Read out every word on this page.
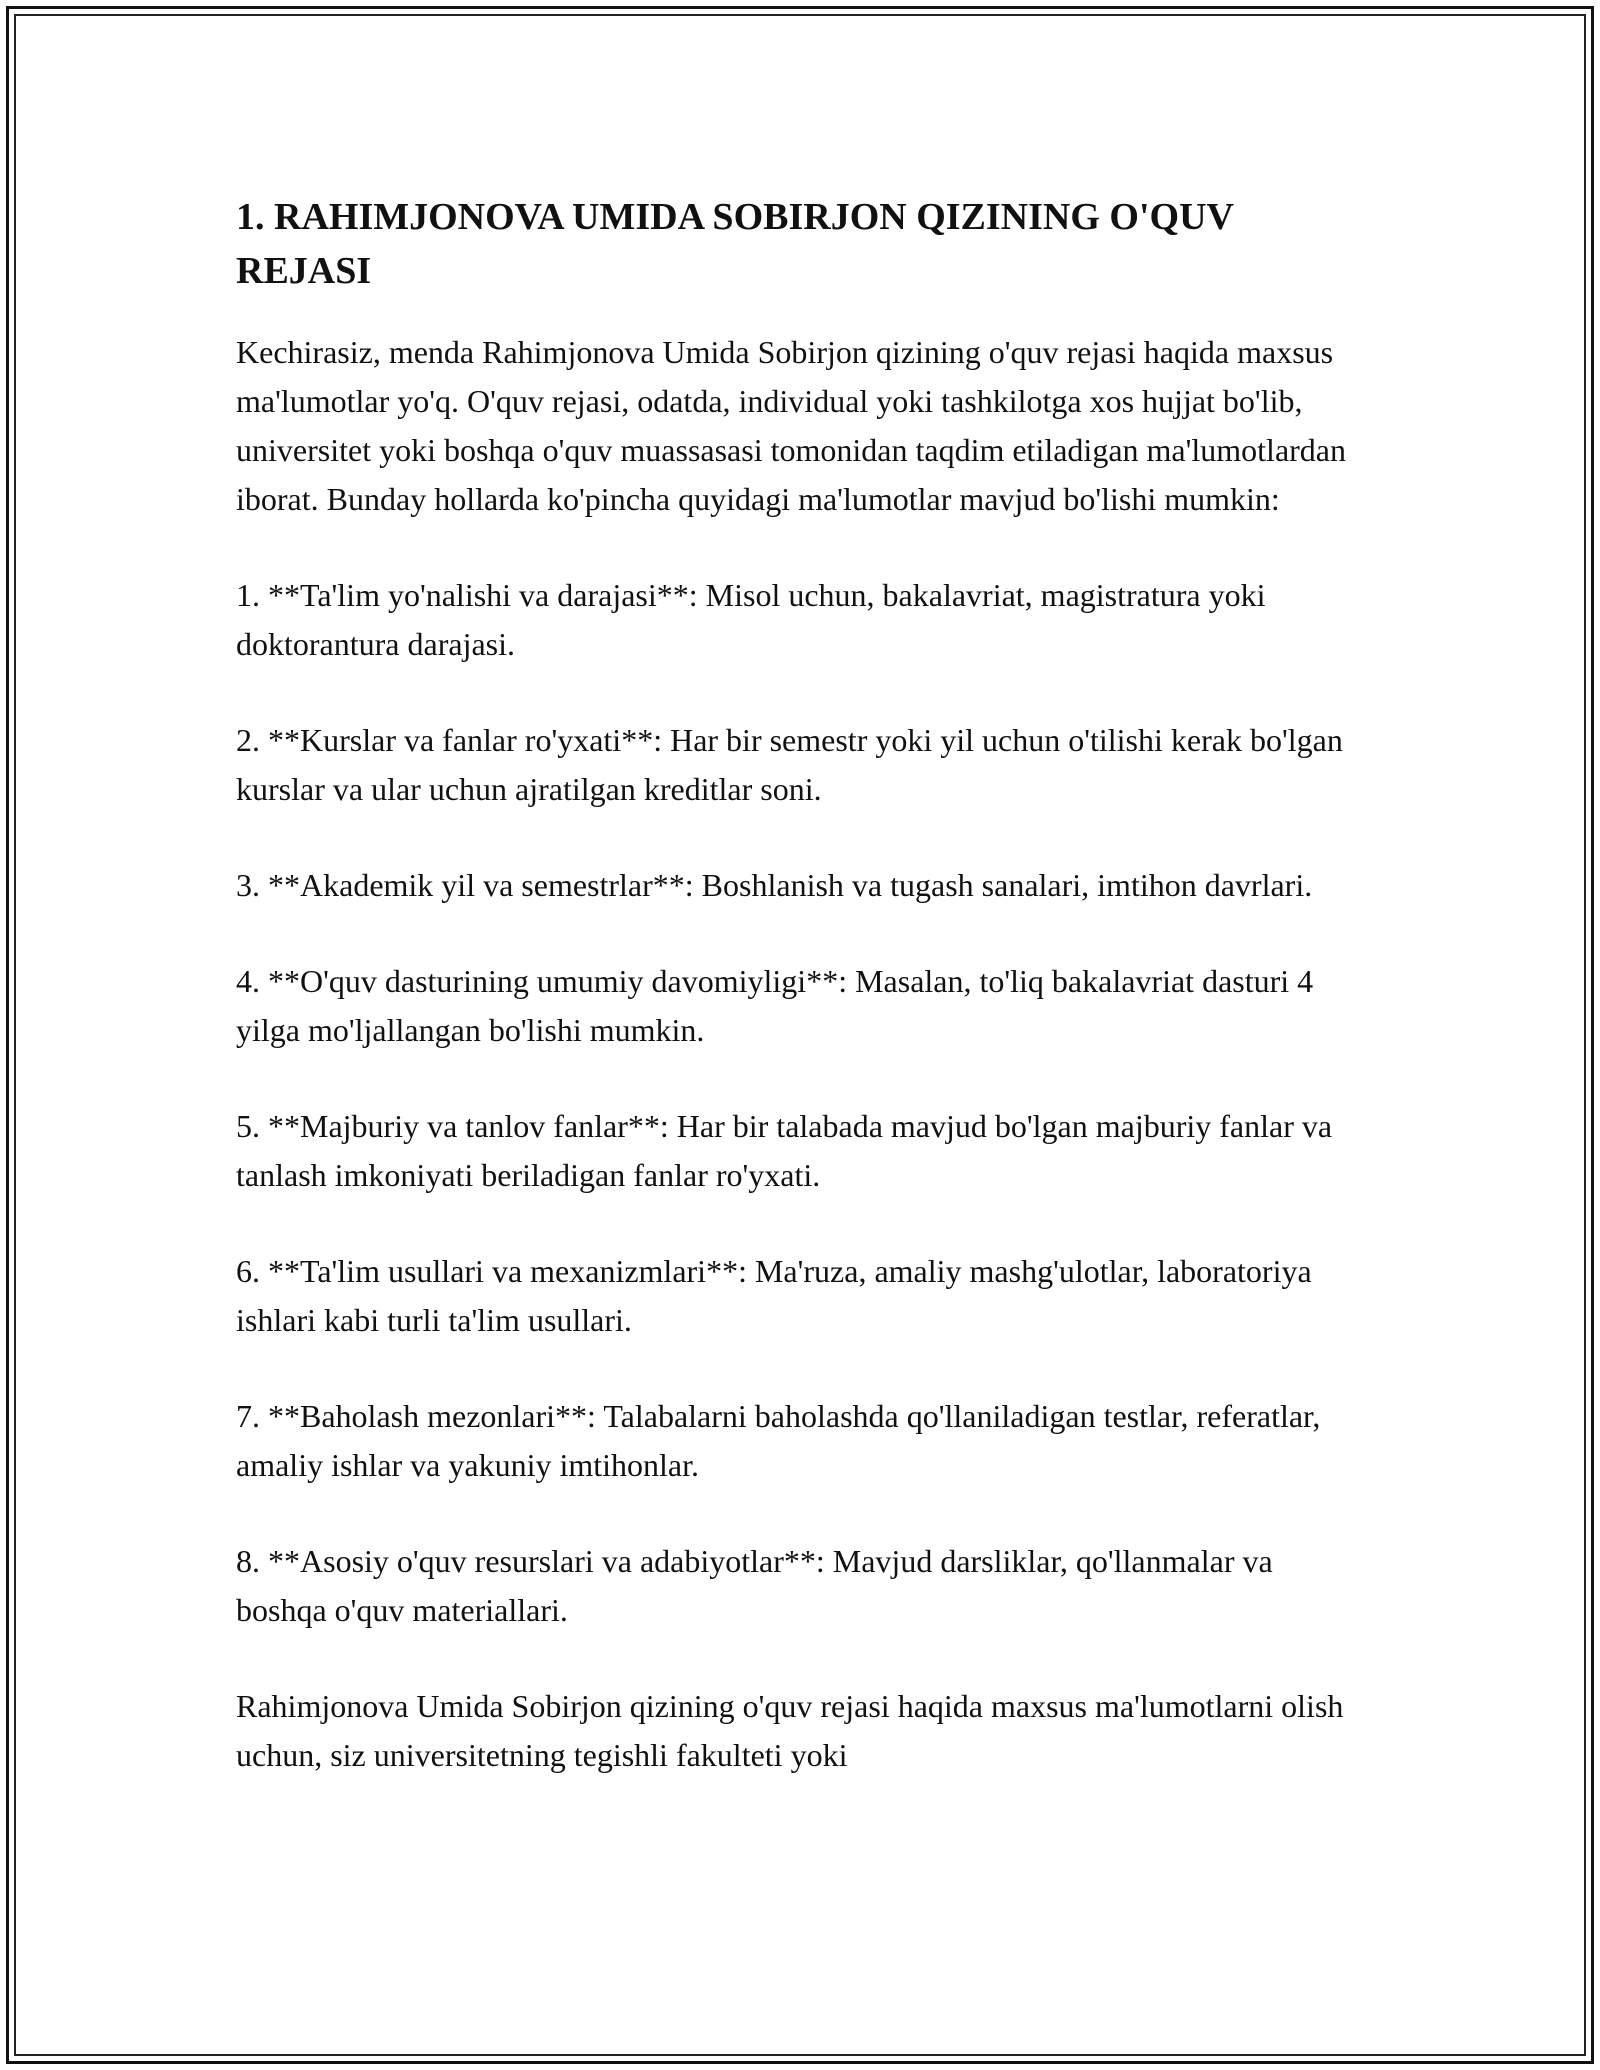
1. RAHIMJONOVA UMIDA SOBIRJON QIZINING O'QUV REJASI

Kechirasiz, menda Rahimjonova Umida Sobirjon qizining o'quv rejasi haqida maxsus ma'lumotlar yo'q. O'quv rejasi, odatda, individual yoki tashkilotga xos hujjat bo'lib, universitet yoki boshqa o'quv muassasasi tomonidan taqdim etiladigan ma'lumotlardan iborat. Bunday hollarda ko'pincha quyidagi ma'lumotlar mavjud bo'lishi mumkin:

1. **Ta'lim yo'nalishi va darajasi**: Misol uchun, bakalavriat, magistratura yoki doktorantura darajasi.

2. **Kurslar va fanlar ro'yxati**: Har bir semestr yoki yil uchun o'tilishi kerak bo'lgan kurslar va ular uchun ajratilgan kreditlar soni.

3. **Akademik yil va semestrlar**: Boshlanish va tugash sanalari, imtihon davrlari.

4. **O'quv dasturining umumiy davomiyligi**: Masalan, to'liq bakalavriat dasturi 4 yilga mo'ljallangan bo'lishi mumkin.

5. **Majburiy va tanlov fanlar**: Har bir talabada mavjud bo'lgan majburiy fanlar va tanlash imkoniyati beriladigan fanlar ro'yxati.

6. **Ta'lim usullari va mexanizmlari**: Ma'ruza, amaliy mashg'ulotlar, laboratoriya ishlari kabi turli ta'lim usullari.

7. **Baholash mezonlari**: Talabalarni baholashda qo'llaniladigan testlar, referatlar, amaliy ishlar va yakuniy imtihonlar.

8. **Asosiy o'quv resurslari va adabiyotlar**: Mavjud darsliklar, qo'llanmalar va boshqa o'quv materiallari.

Rahimjonova Umida Sobirjon qizining o'quv rejasi haqida maxsus ma'lumotlarni olish uchun, siz universitetning tegishli fakulteti yoki
